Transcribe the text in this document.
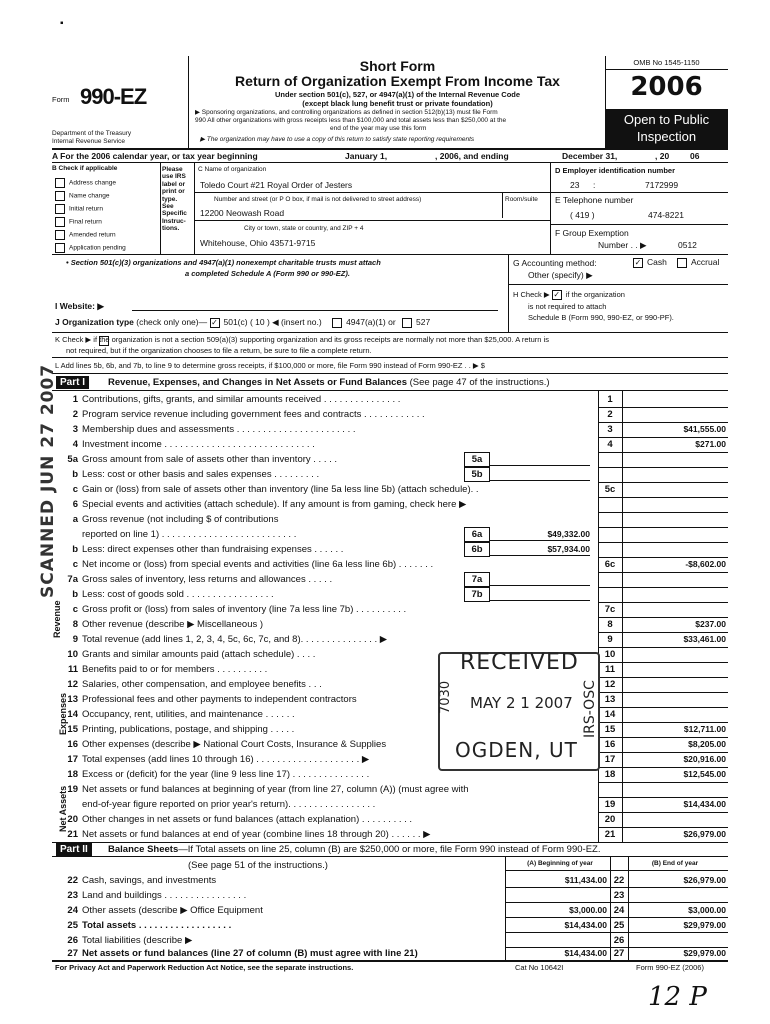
Form 990-EZ
Department of the Treasury
Internal Revenue Service
Short Form
Return of Organization Exempt From Income Tax
Under section 501(c), 527, or 4947(a)(1) of the Internal Revenue Code
(except black lung benefit trust or private foundation)
▶ Sponsoring organizations, and controlling organizations as defined in section 512(b)(13) must file Form
990 All other organizations with gross receipts less than $100,000 and total assets less than $250,000 at the
end of the year may use this form
▶ The organization may have to use a copy of this return to satisfy state reporting requirements
OMB No 1545-1150
2006
Open to Public
Inspection
A For the 2006 calendar year, or tax year beginning	January 1,	, 2006, and ending	December 31,	, 20 06
B Check if applicable
Address change
Name change
Initial return
Final return
Amended return
Application pending
Please
use IRS
label or
print or
type.
See
Specific
Instruc-
tions.
C Name of organization
Toledo Court #21 Royal Order of Jesters
Number and street (or P O box, if mail is not delivered to street address)	Room/suite
12200 Neowash Road
City or town, state or country, and ZIP + 4
Whitehouse, Ohio 43571-9715
D Employer identification number
23 :	7172999
E Telephone number
( 419 )	474-8221
F Group Exemption
Number . . ▶	0512
• Section 501(c)(3) organizations and 4947(a)(1) nonexempt charitable trusts must attach
a completed Schedule A (Form 990 or 990-EZ).
G Accounting method:	✓ Cash	Accrual
Other (specify) ▶
I Website: ▶
H Check ▶ ✓ if the organization
is not required to attach
Schedule B (Form 990, 990-EZ, or 990-PF).
J Organization type (check only one)— ✓ 501(c) ( 10 ) ◀ (insert no.)	4947(a)(1) or 527
K Check ▶ if the organization is not a section 509(a)(3) supporting organization and its gross receipts are normally not more than $25,000. A return is
not required, but if the organization chooses to file a return, be sure to file a complete return.
L Add lines 5b, 6b, and 7b, to line 9 to determine gross receipts, if $100,000 or more, file Form 990 instead of Form 990-EZ . . ▶ $
Part I	Revenue, Expenses, and Changes in Net Assets or Fund Balances (See page 47 of the instructions.)
1 Contributions, gifts, grants, and similar amounts received . . . . . . . . . . . . . . .	1
2 Program service revenue including government fees and contracts . . . . . . . . . . . .	2
3 Membership dues and assessments . . . . . . . . . . . . . . . . . . . . . . .	3	$41,555.00
4 Investment income . . . . . . . . . . . . . . . . . . . . . . . . . . . . .	4	$271.00
5a Gross amount from sale of assets other than inventory . . . . .	5a
b Less: cost or other basis and sales expenses . . . . . . . . .	5b
c Gain or (loss) from sale of assets other than inventory (line 5a less line 5b) (attach schedule). .	5c
6 Special events and activities (attach schedule). If any amount is from gaming, check here ▶
a Gross revenue (not including $ of contributions
reported on line 1) . . . . . . . . . . . . . . . . . . . . . . . . . .	6a	$49,332.00
b Less: direct expenses other than fundraising expenses . . . . . .	6b	$57,934.00
c Net income or (loss) from special events and activities (line 6a less line 6b) . . . . . . .	6c	-$8,602.00
7a Gross sales of inventory, less returns and allowances . . . . .	7a
b Less: cost of goods sold . . . . . . . . . . . . . . . . .	7b
c Gross profit or (loss) from sales of inventory (line 7a less line 7b) . . . . . . . . . .	7c
8 Other revenue (describe ▶ Miscellaneous )	8	$237.00
9 Total revenue (add lines 1, 2, 3, 4, 5c, 6c, 7c, and 8). . . . . . . . . . . . . . . ▶	9	$33,461.00
10 Grants and similar amounts paid (attach schedule) . . . .	10
11 Benefits paid to or for members . . . . . . . . . .	11
12 Salaries, other compensation, and employee benefits . . .	12
13 Professional fees and other payments to independent contractors	13
14 Occupancy, rent, utilities, and maintenance . . . . . .	14
15 Printing, publications, postage, and shipping . . . . .	15	$12,711.00
16 Other expenses (describe ▶ National Court Costs, Insurance & Supplies	16	$8,205.00
17 Total expenses (add lines 10 through 16) . . . . . . . . . . . . . . . . . . . . ▶	17	$20,916.00
18 Excess or (deficit) for the year (line 9 less line 17) . . . . . . . . . . . . . . .	18	$12,545.00
19 Net assets or fund balances at beginning of year (from line 27, column (A)) (must agree with
end-of-year figure reported on prior year's return). . . . . . . . . . . . . . . . .	19	$14,434.00
20 Other changes in net assets or fund balances (attach explanation) . . . . . . . . . .	20
21 Net assets or fund balances at end of year (combine lines 18 through 20) . . . . . . ▶	21	$26,979.00
Revenue
Expenses
Net Assets
Part II	Balance Sheets—If Total assets on line 25, column (B) are $250,000 or more, file Form 990 instead of Form 990-EZ.
(See page 51 of the instructions.)	(A) Beginning of year	(B) End of year
22 Cash, savings, and investments	$11,434.00 22	$26,979.00
23 Land and buildings . . . . . . . . . . . . . . . .	23
24 Other assets (describe ▶ Office Equipment	$3,000.00 24	$3,000.00
25 Total assets . . . . . . . . . . . . . . . . . .	$14,434.00 25	$29,979.00
26 Total liabilities (describe ▶	26
27 Net assets or fund balances (line 27 of column (B) must agree with line 21)	$14,434.00 27	$29,979.00
For Privacy Act and Paperwork Reduction Act Notice, see the separate instructions.	Cat No 10642I	Form 990-EZ (2006)
SCANNED JUN 27 2007
RECEIVED
MAY 2 1 2007
OGDEN, UT
IRS-OSC
7030
12 P
▪
